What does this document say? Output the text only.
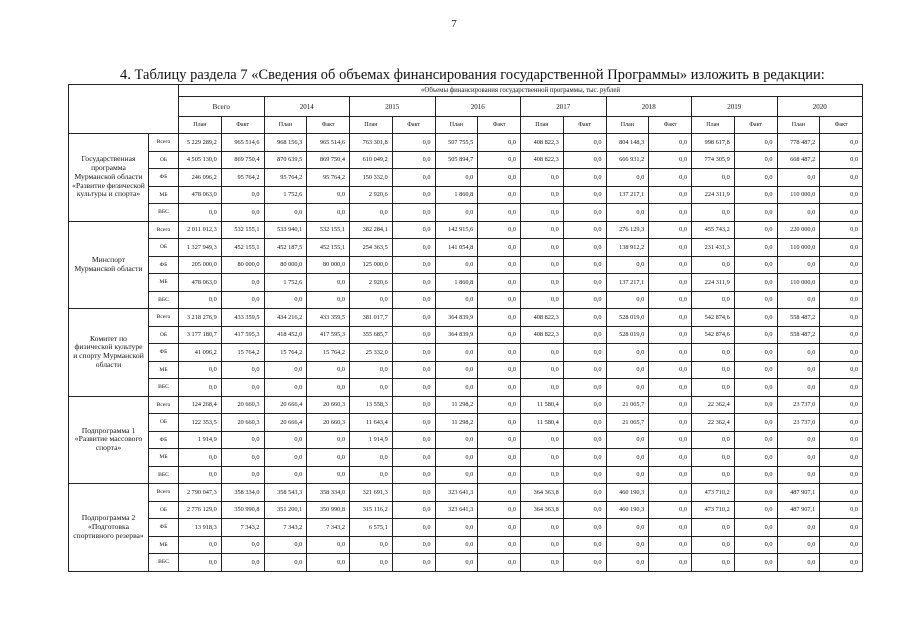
7
4. Таблицу раздела 7 «Сведения об объемах финансирования государственной Программы» изложить в редакции:
		«Объемы финансирования государственной программы, тыс. рублей															
		Всего		2014		2015		2016		2017		2018		2019		2020	
		План	Факт	План	Факт	План	Факт	План	Факт	План	Факт	План	Факт	План	Факт	План	Факт
Государственная программа Мурманской области «Развитие физической культуры и спорта»	Всего	5 229 289,2	965 514,6	968 156,3	965 514,6	763 301,8	0,0	507 755,5	0,0	408 822,3	0,0	804 148,3	0,0	998 617,8	0,0	778 487,2	0,0
	ОБ	4 505 130,0	869 750,4	870 639,5	869 750,4	610 049,2	0,0	505 894,7	0,0	408 822,3	0,0	666 931,2	0,0	774 305,9	0,0	668 487,2	0,0
	ФБ	246 096,2	95 764,2	95 764,2	95 764,2	150 332,0	0,0	0,0	0,0	0,0	0,0	0,0	0,0	0,0	0,0	0,0	0,0
	МБ	478 063,0	0,0	1 752,6	0,0	2 920,6	0,0	1 860,8	0,0	0,0	0,0	137 217,1	0,0	224 311,9	0,0	110 000,0	0,0
	ВБС	0,0	0,0	0,0	0,0	0,0	0,0	0,0	0,0	0,0	0,0	0,0	0,0	0,0	0,0	0,0	0,0
Минспорт Мурманской области	Всего	2 011 012,3	532 155,1	533 940,1	532 155,1	382 284,1	0,0	142 915,6	0,0	0,0	0,0	276 129,3	0,0	455 743,2	0,0	220 000,0	0,0
	ОБ	1 327 949,3	452 155,1	452 187,5	452 155,1	254 363,5	0,0	141 054,8	0,0	0,0	0,0	138 912,2	0,0	231 431,3	0,0	110 000,0	0,0
	ФБ	205 000,0	80 000,0	80 000,0	80 000,0	125 000,0	0,0	0,0	0,0	0,0	0,0	0,0	0,0	0,0	0,0	0,0	0,0
	МБ	478 063,0	0,0	1 752,6	0,0	2 920,6	0,0	1 860,8	0,0	0,0	0,0	137 217,1	0,0	224 311,9	0,0	110 000,0	0,0
	ВБС	0,0	0,0	0,0	0,0	0,0	0,0	0,0	0,0	0,0	0,0	0,0	0,0	0,0	0,0	0,0	0,0
Комитет по физической культуре и спорту Мурманской области	Всего	3 218 276,9	433 359,5	434 216,2	433 359,5	381 017,7	0,0	364 839,9	0,0	408 822,3	0,0	528 019,0	0,0	542 874,6	0,0	558 487,2	0,0
	ОБ	3 177 180,7	417 595,3	418 452,0	417 595,3	355 685,7	0,0	364 839,9	0,0	408 822,3	0,0	528 019,0	0,0	542 874,6	0,0	558 487,2	0,0
	ФБ	41 096,2	15 764,2	15 764,2	15 764,2	25 332,0	0,0	0,0	0,0	0,0	0,0	0,0	0,0	0,0	0,0	0,0	0,0
	МБ	0,0	0,0	0,0	0,0	0,0	0,0	0,0	0,0	0,0	0,0	0,0	0,0	0,0	0,0	0,0	0,0
	ВБС	0,0	0,0	0,0	0,0	0,0	0,0	0,0	0,0	0,0	0,0	0,0	0,0	0,0	0,0	0,0	0,0
Подпрограмма 1 «Развитие массового спорта»	Всего	124 268,4	20 660,3	20 666,4	20 660,3	13 558,3	0,0	11 298,2	0,0	11 580,4	0,0	21 065,7	0,0	22 362,4	0,0	23 737,0	0,0
	ОБ	122 353,5	20 660,3	20 666,4	20 660,3	11 643,4	0,0	11 298,2	0,0	11 580,4	0,0	21 065,7	0,0	22 362,4	0,0	23 737,0	0,0
	ФБ	1 914,9	0,0	0,0	0,0	1 914,9	0,0	0,0	0,0	0,0	0,0	0,0	0,0	0,0	0,0	0,0	0,0
	МБ	0,0	0,0	0,0	0,0	0,0	0,0	0,0	0,0	0,0	0,0	0,0	0,0	0,0	0,0	0,0	0,0
	ВБС	0,0	0,0	0,0	0,0	0,0	0,0	0,0	0,0	0,0	0,0	0,0	0,0	0,0	0,0	0,0	0,0
Подпрограмма 2 «Подготовка спортивного резерва»	Всего	2 790 047,3	358 334,0	358 543,3	358 334,0	321 691,3	0,0	323 641,3	0,0	364 363,8	0,0	460 190,3	0,0	473 710,2	0,0	487 907,1	0,0
	ОБ	2 776 129,0	350 990,8	351 200,1	350 990,8	315 116,2	0,0	323 641,3	0,0	364 363,8	0,0	460 190,3	0,0	473 710,2	0,0	487 907,1	0,0
	ФБ	13 918,3	7 343,2	7 343,2	7 343,2	6 575,1	0,0	0,0	0,0	0,0	0,0	0,0	0,0	0,0	0,0	0,0	0,0
	МБ	0,0	0,0	0,0	0,0	0,0	0,0	0,0	0,0	0,0	0,0	0,0	0,0	0,0	0,0	0,0	0,0
	ВБС	0,0	0,0	0,0	0,0	0,0	0,0	0,0	0,0	0,0	0,0	0,0	0,0	0,0	0,0	0,0	0,0
